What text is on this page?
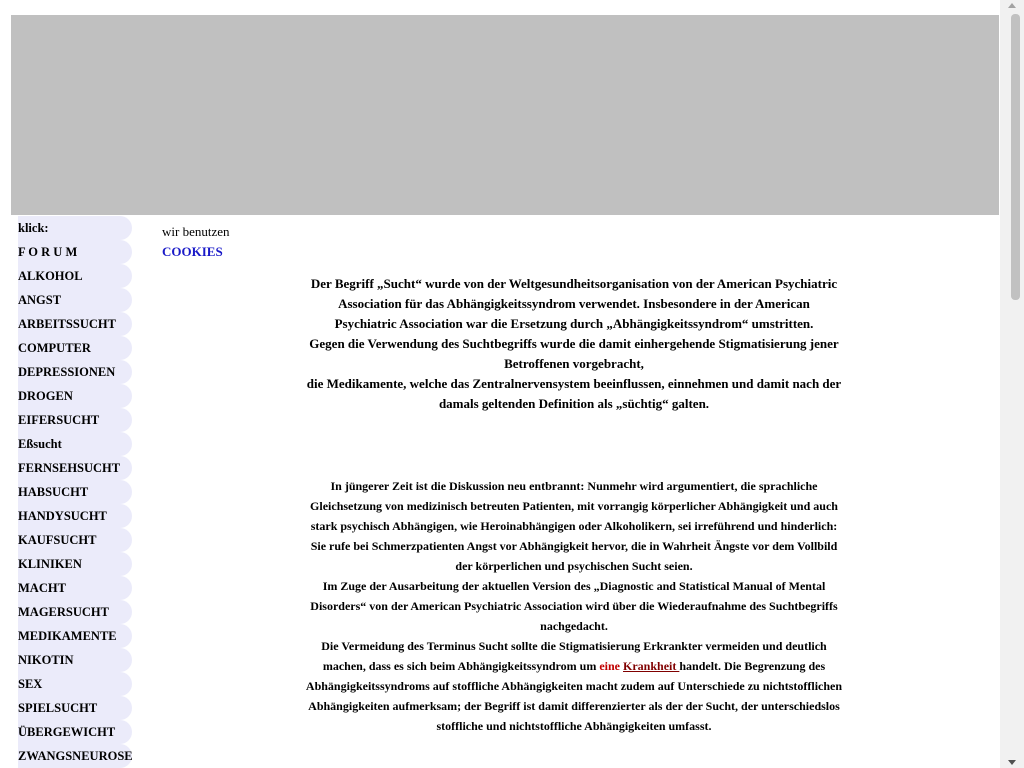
klick:
F O R U M
ALKOHOL
ANGST
ARBEITSSUCHT
COMPUTER
DEPRESSIONEN
DROGEN
EIFERSUCHT
Eßsucht
FERNSEHSUCHT
HABSUCHT
HANDYSUCHT
KAUFSUCHT
KLINIKEN
MACHT
MAGERSUCHT
MEDIKAMENTE
NIKOTIN
SEX
SPIELSUCHT
ÜBERGEWICHT
ZWANGSNEUROSE
wir benutzen
COOKIES
Der Begriff „Sucht“ wurde von der Weltgesundheitsorganisation von der American Psychiatric
Association für das Abhängigkeitssyndrom verwendet. Insbesondere in der American
Psychiatric Association war die Ersetzung durch „Abhängigkeitssyndrom“ umstritten.
Gegen die Verwendung des Suchtbegriffs wurde die damit einhergehende Stigmatisierung jener
Betroffenen vorgebracht,
die Medikamente, welche das Zentralnervensystem beeinflussen, einnehmen und damit nach der
damals geltenden Definition als „süchtig“ galten.
In jüngerer Zeit ist die Diskussion neu entbrannt: Nunmehr wird argumentiert, die sprachliche
Gleichsetzung von medizinisch betreuten Patienten, mit vorrangig körperlicher Abhängigkeit und auch
stark psychisch Abhängigen, wie Heroinabhängigen oder Alkoholikern, sei irreführend und hinderlich:
Sie rufe bei Schmerzpatienten Angst vor Abhängigkeit hervor, die in Wahrheit Ängste vor dem Vollbild
der körperlichen und psychischen Sucht seien.
Im Zuge der Ausarbeitung der aktuellen Version des „Diagnostic and Statistical Manual of Mental
Disorders“ von der American Psychiatric Association wird über die Wiederaufnahme des Suchtbegriffs
nachgedacht.
Die Vermeidung des Terminus Sucht sollte die Stigmatisierung Erkrankter vermeiden und deutlich
machen, dass es sich beim Abhängigkeitssyndrom um eine Krankheit handelt. Die Begrenzung des
Abhängigkeitssyndroms auf stoffliche Abhängigkeiten macht zudem auf Unterschiede zu nichtstofflichen
Abhängigkeiten aufmerksam; der Begriff ist damit differenzierter als der der Sucht, der unterschiedslos
stoffliche und nichtstoffliche Abhängigkeiten umfasst.
